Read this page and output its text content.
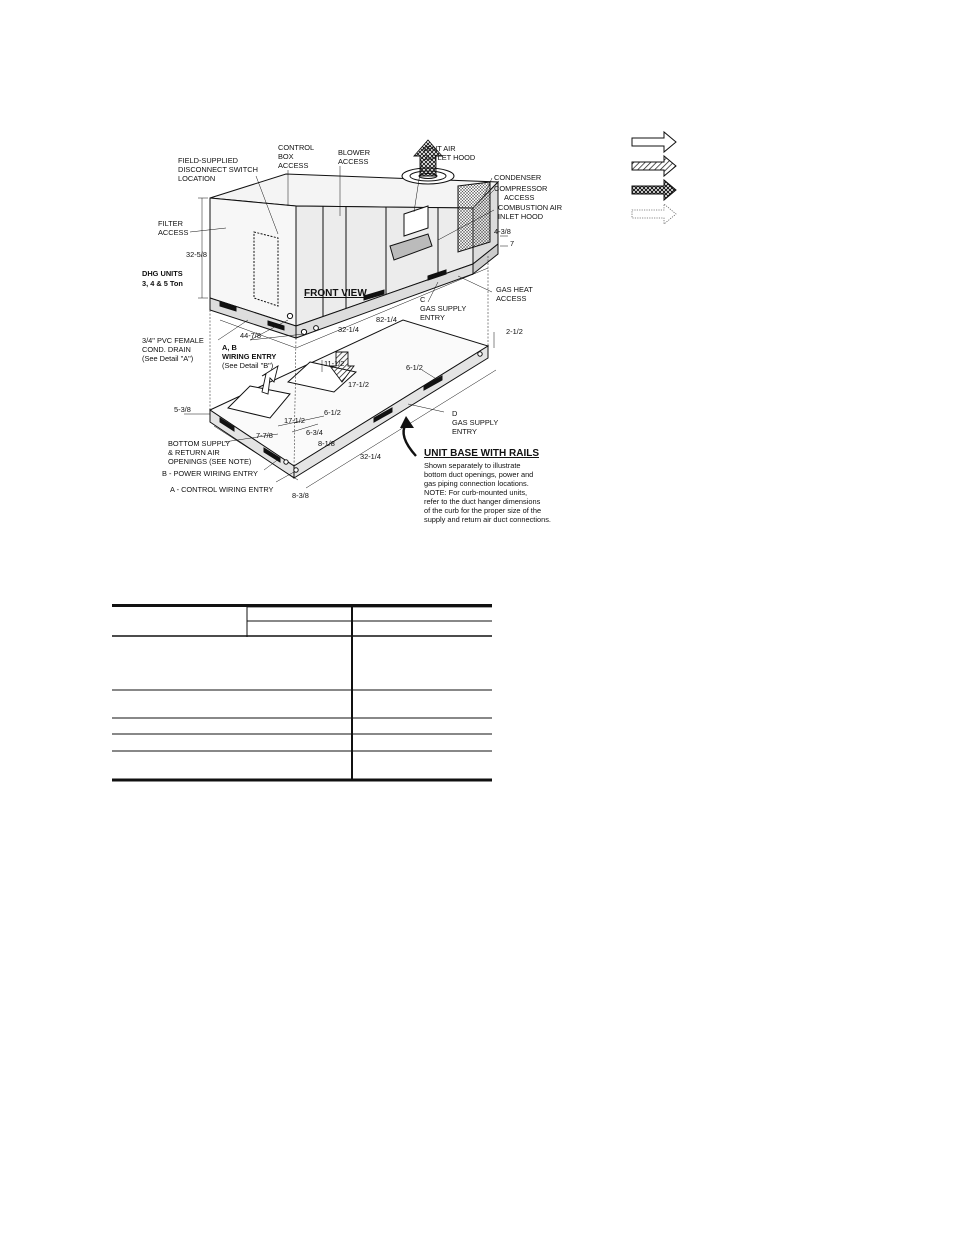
CONTROL
BOX
ACCESS
BLOWER
ACCESS
VENT AIR
OUTLET HOOD
FIELD-SUPPLIED
DISCONNECT SWITCH
LOCATION	CONDENSER
COMPRESSOR
ACCESS
COMBUSTION AIR
INLET HOOD
FILTER
ACCESS
DHG UNITS
3, 4 & 5 Ton
FRONT VIEW	GAS HEAT
ACCESS
C
GAS SUPPLY
ENTRY
3/4" PVC FEMALE
COND. DRAIN
(See Detail "A")
A, B
WIRING ENTRY
(See Detail "B")
32-5/8
4-3/8
7
44-7/8
32-1/4
82-1/4
UNIT BASE WITH RAILS
Shown separately to illustrate
bottom duct openings, power and
gas piping connection locations.
NOTE: For curb-mounted units,
refer to the duct hanger dimensions
of the curb for the proper size of the
supply and return air duct connections.
D
GAS SUPPLY
ENTRY
BOTTOM SUPPLY
& RETURN AIR
OPENINGS (SEE NOTE)
B - POWER WIRING ENTRY
A - CONTROL WIRING ENTRY
2-1/2
11-1/2
17-1/2
6-1/2
6-1/2
17-1/2
5-3/8
7-7/8	6-3/4
8-1/8
32-1/4
8-3/8
